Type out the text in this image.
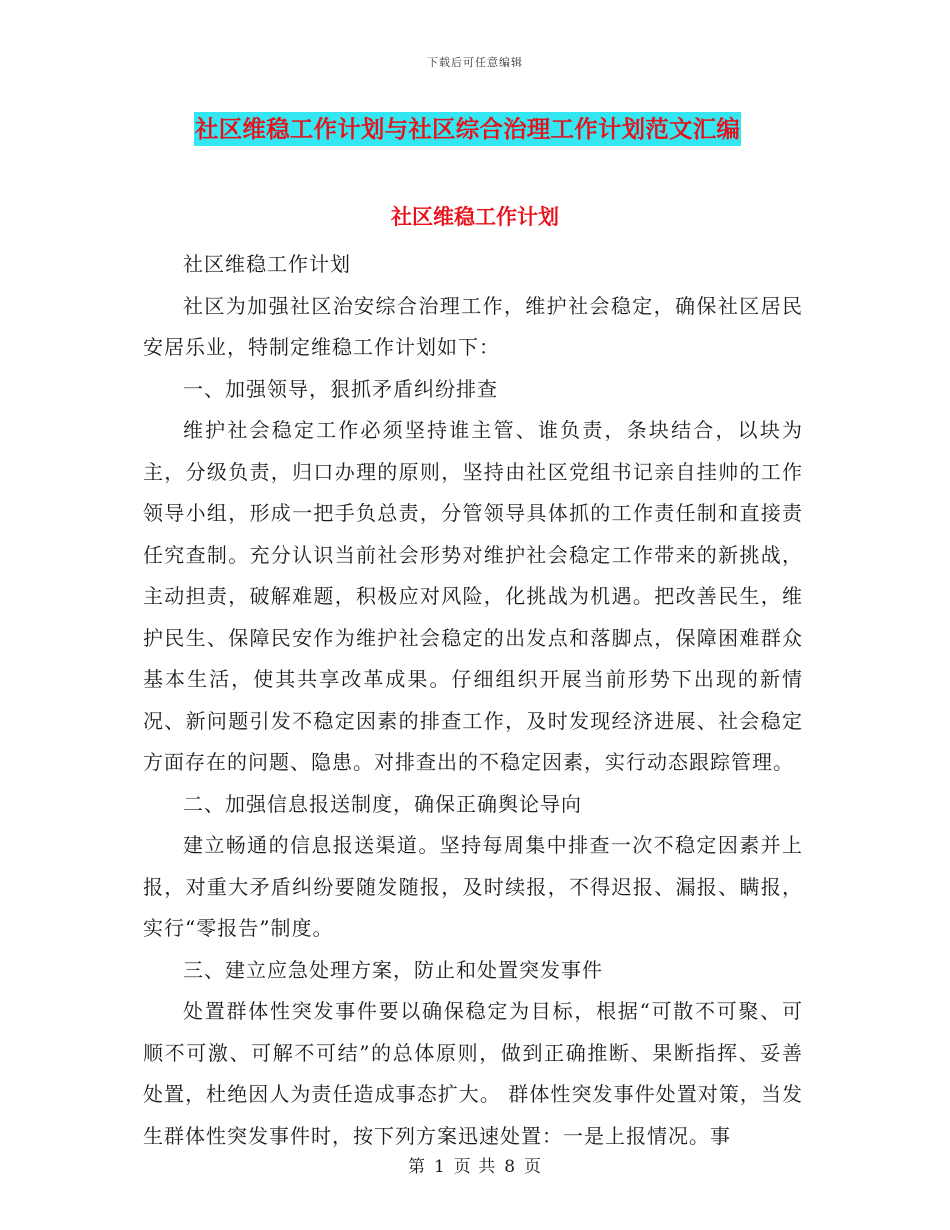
下载后可任意编辑
社区维稳工作计划与社区综合治理工作计划范文汇编
社区维稳工作计划

社区维稳工作计划

社区为加强社区治安综合治理工作，维护社会稳定，确保社区居民安居乐业，特制定维稳工作计划如下：

一、加强领导，狠抓矛盾纠纷排查

维护社会稳定工作必须坚持谁主管、谁负责，条块结合，以块为主，分级负责，归口办理的原则，坚持由社区党组书记亲自挂帅的工作领导小组，形成一把手负总责，分管领导具体抓的工作责任制和直接责任究查制。充分认识当前社会形势对维护社会稳定工作带来的新挑战，主动担责，破解难题，积极应对风险，化挑战为机遇。把改善民生，维护民生、保障民安作为维护社会稳定的出发点和落脚点，保障困难群众基本生活，使其共享改革成果。仔细组织开展当前形势下出现的新情况、新问题引发不稳定因素的排查工作，及时发现经济进展、社会稳定方面存在的问题、隐患。对排查出的不稳定因素，实行动态跟踪管理。

二、加强信息报送制度，确保正确舆论导向

建立畅通的信息报送渠道。坚持每周集中排查一次不稳定因素并上报，对重大矛盾纠纷要随发随报，及时续报，不得迟报、漏报、瞒报，实行“零报告”制度。

三、建立应急处理方案，防止和处置突发事件

处置群体性突发事件要以确保稳定为目标，根据“可散不可聚、可顺不可激、可解不可结”的总体原则，做到正确推断、果断指挥、妥善处置，杜绝因人为责任造成事态扩大。 群体性突发事件处置对策，当发生群体性突发事件时，按下列方案迅速处置：一是上报情况。事

第 1 页 共 8 页
